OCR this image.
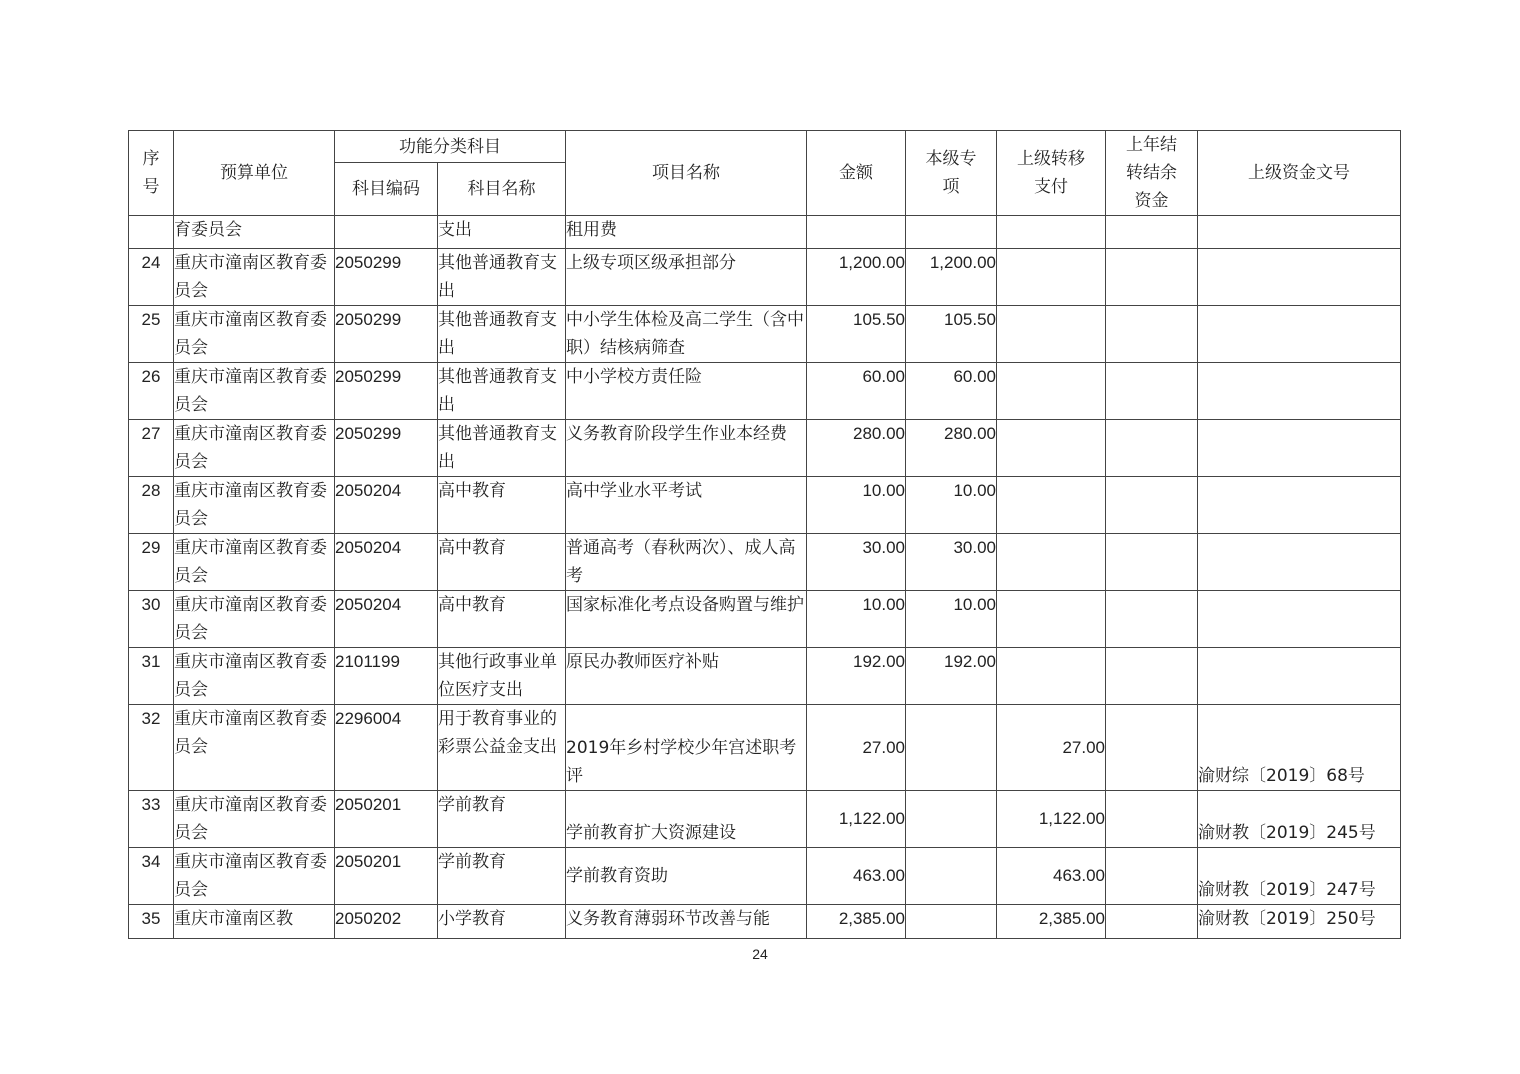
序号	预算单位	功能分类科目		项目名称	金额	本级专项	上级转移支付	上年结转结余资金	上级资金文号
		科目编码	科目名称						
	育委员会		支出	租用费					
24	重庆市潼南区教育委员会	2050299	其他普通教育支出	上级专项区级承担部分	1,200.00	1,200.00			
25	重庆市潼南区教育委员会	2050299	其他普通教育支出	中小学生体检及高二学生（含中职）结核病筛查	105.50	105.50			
26	重庆市潼南区教育委员会	2050299	其他普通教育支出	中小学校方责任险	60.00	60.00			
27	重庆市潼南区教育委员会	2050299	其他普通教育支出	义务教育阶段学生作业本经费	280.00	280.00			
28	重庆市潼南区教育委员会	2050204	高中教育	高中学业水平考试	10.00	10.00			
29	重庆市潼南区教育委员会	2050204	高中教育	普通高考（春秋两次）、成人高考	30.00	30.00			
30	重庆市潼南区教育委员会	2050204	高中教育	国家标准化考点设备购置与维护	10.00	10.00			
31	重庆市潼南区教育委员会	2101199	其他行政事业单位医疗支出	原民办教师医疗补贴	192.00	192.00			
32	重庆市潼南区教育委员会	2296004	用于教育事业的彩票公益金支出	2019年乡村学校少年宫述职考评	27.00		27.00		渝财综〔2019〕68号
33	重庆市潼南区教育委员会	2050201	学前教育	学前教育扩大资源建设	1,122.00		1,122.00		渝财教〔2019〕245号
34	重庆市潼南区教育委员会	2050201	学前教育	学前教育资助	463.00		463.00		渝财教〔2019〕247号
35	重庆市潼南区教	2050202	小学教育	义务教育薄弱环节改善与能	2,385.00		2,385.00		渝财教〔2019〕250号
24
